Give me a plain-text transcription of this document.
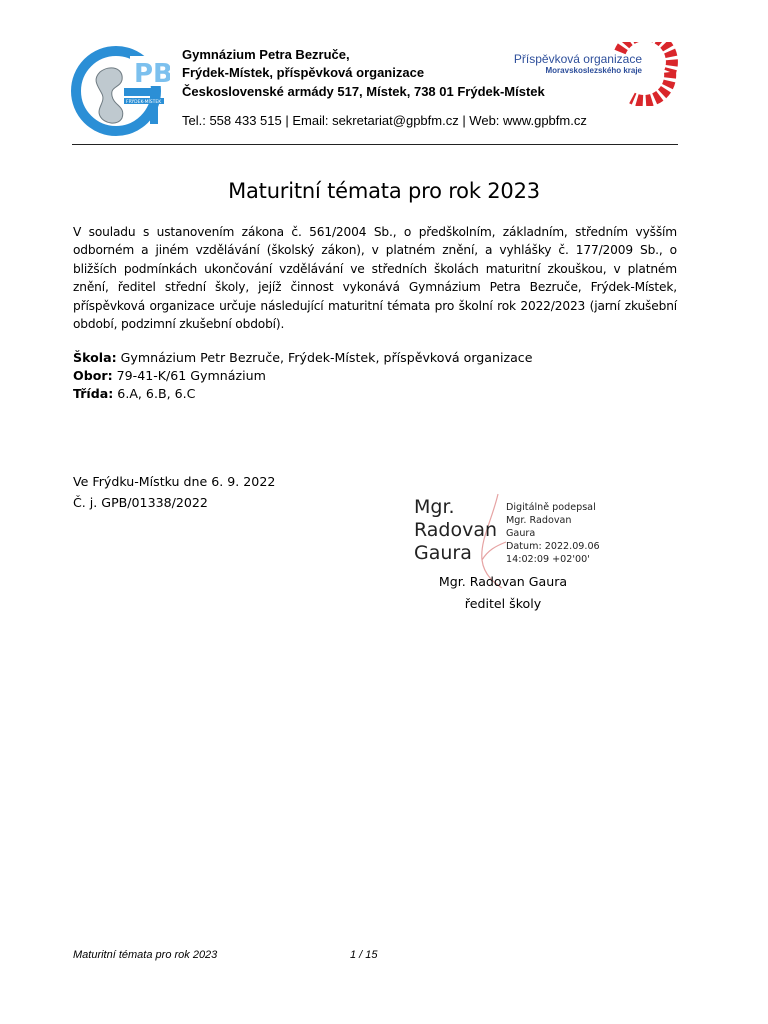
PB
FRÝDEK-MÍSTEK
Gymnázium Petra Bezruče,
Frýdek-Místek, příspěvková organizace
Československé armády 517, Místek, 738 01 Frýdek-Místek
Tel.: 558 433 515 | Email: sekretariat@gpbfm.cz | Web: www.gpbfm.cz
Příspěvková organizace
Moravskoslezského kraje
Maturitní témata pro rok 2023
V souladu s ustanovením zákona č. 561/2004 Sb., o předškolním, základním, středním vyšším odborném a jiném vzdělávání (školský zákon), v platném znění, a vyhlášky č. 177/2009 Sb., o bližších podmínkách ukončování vzdělávání ve středních školách maturitní zkouškou, v platném znění, ředitel střední školy, jejíž činnost vykonává Gymnázium Petra Bezruče, Frýdek-Místek, příspěvková organizace určuje následující maturitní témata pro školní rok 2022/2023 (jarní zkušební období, podzimní zkušební období).
Škola: Gymnázium Petr Bezruče, Frýdek-Místek, příspěvková organizace
Obor: 79-41-K/61 Gymnázium
Třída: 6.A, 6.B, 6.C
Ve Frýdku-Místku dne 6. 9. 2022
Č. j. GPB/01338/2022	Mgr.
Radovan
Gaura
Digitálně podepsal
Mgr. Radovan
Gaura
Datum: 2022.09.06
14:02:09 +02'00'
Mgr. Radovan Gaura
ředitel školy
Maturitní témata pro rok 2023	1 / 15
